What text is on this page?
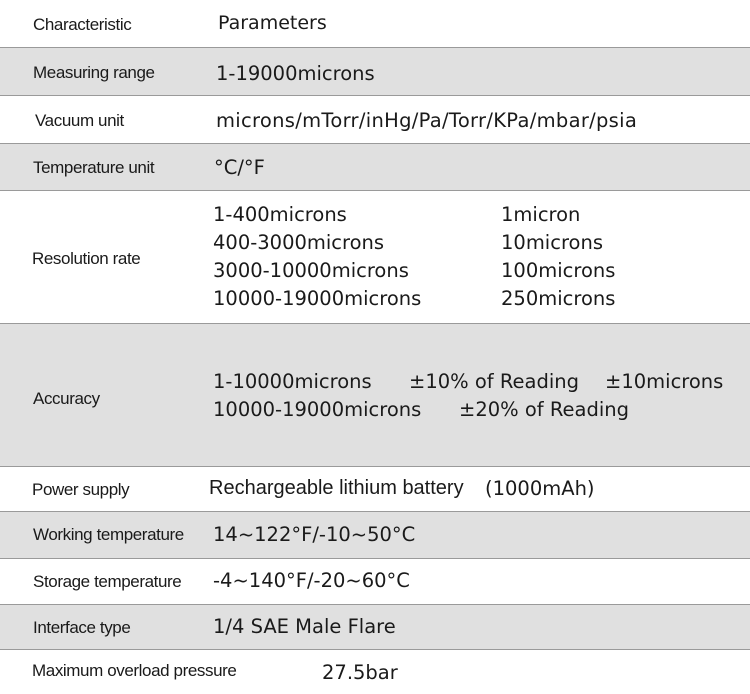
Characteristic	Parameters
Measuring range	1-19000microns
Vacuum unit	microns/mTorr/inHg/Pa/Torr/KPa/mbar/psia
Temperature unit	°C/°F
Resolution rate
1-400microns	1micron
400-3000microns	10microns
3000-10000microns	100microns
10000-19000microns	250microns
Accuracy
1-10000microns ±10% of Reading ±10microns
10000-19000microns ±20% of Reading
Power supply	Rechargeable lithium battery (1000mAh)
Working temperature 14~122°F/-10~50°C
Storage temperature -4~140°F/-20~60°C
Interface type	1/4 SAE Male Flare
Maximum overload pressure	27.5bar
